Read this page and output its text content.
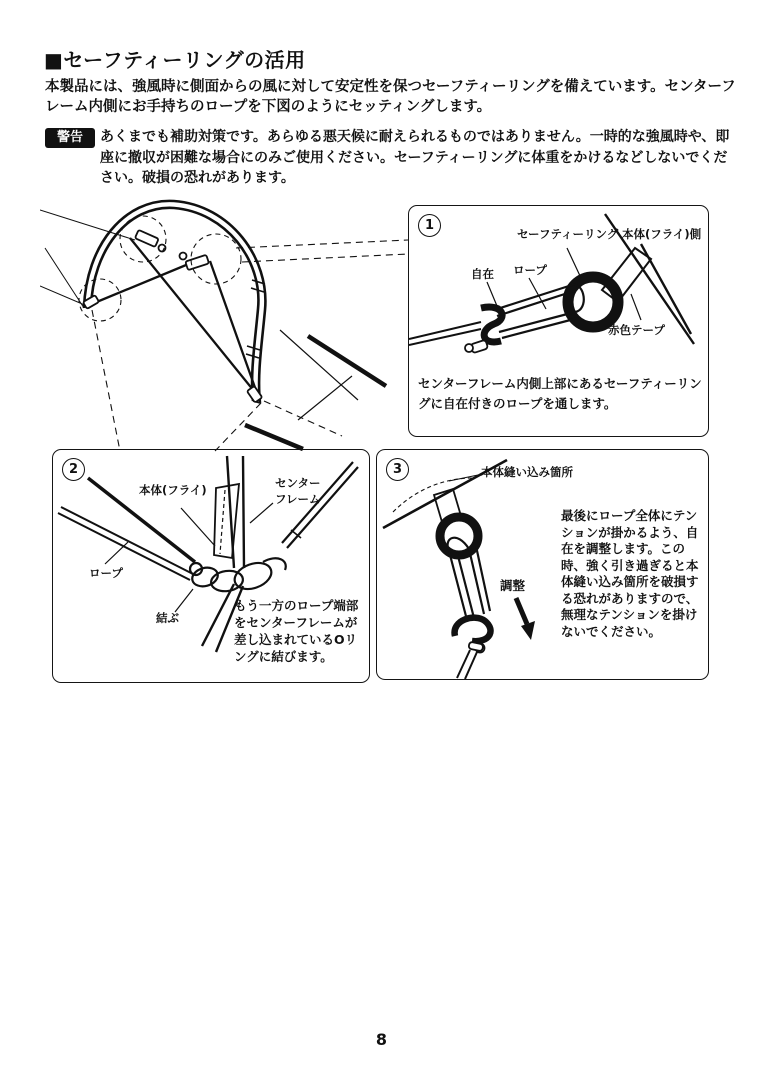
■セーフティーリングの活用
本製品には、強風時に側面からの風に対して安定性を保つセーフティーリングを備えています。センターフレーム内側にお手持ちのロープを下図のようにセッティングします。
警告	あくまでも補助対策です。あらゆる悪天候に耐えられるものではありません。一時的な強風時や、即座に撤収が困難な場合にのみご使用ください。セーフティーリングに体重をかけるなどしないでください。破損の恐れがあります。
1
セーフティーリング 本体(フライ)側
自在 ロープ
赤色テープ
センターフレーム内側上部にあるセーフティーリングに自在付きのロープを通します。
2
本体(フライ)	センター
フレーム
ロープ
結ぶ
もう一方のロープ端部をセンターフレームが差し込まれているOリングに結びます。
3	本体縫い込み箇所
調整
最後にロープ全体にテンションが掛かるよう、自在を調整します。この時、強く引き過ぎると本体縫い込み箇所を破損する恐れがありますので、無理なテンションを掛けないでください。
8
